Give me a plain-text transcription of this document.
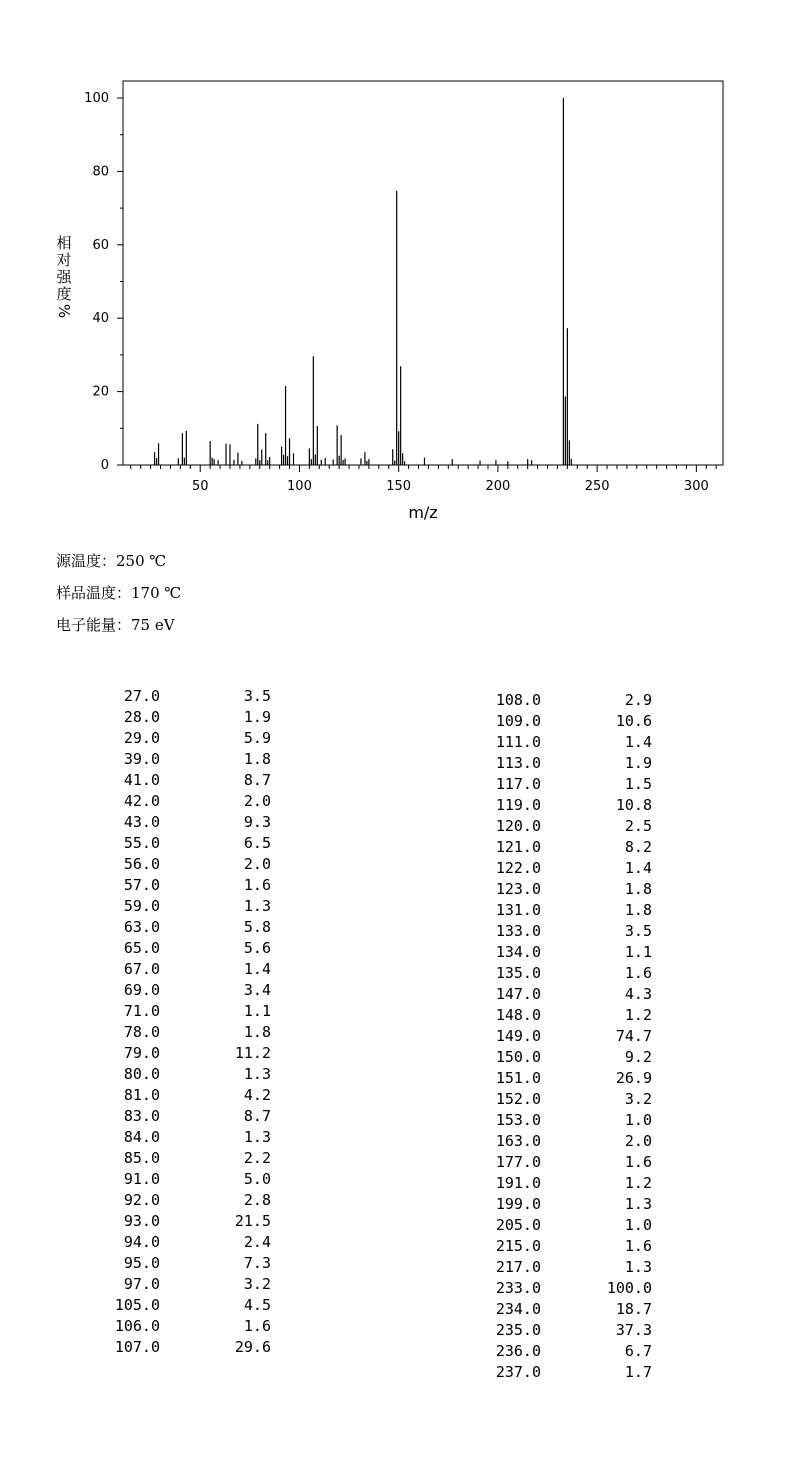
0
20
40
60
80
100
50	100	150	200	250	300
m/z
相
对
强
度
%
源温度：250 ℃
样品温度：170 ℃
电子能量：75 eV
27.0	3.5
28.0	1.9
29.0	5.9
39.0	1.8
41.0	8.7
42.0	2.0
43.0	9.3
55.0	6.5
56.0	2.0
57.0	1.6
59.0	1.3
63.0	5.8
65.0	5.6
67.0	1.4
69.0	3.4
71.0	1.1
78.0	1.8
79.0	11.2
80.0	1.3
81.0	4.2
83.0	8.7
84.0	1.3
85.0	2.2
91.0	5.0
92.0	2.8
93.0	21.5
94.0	2.4
95.0	7.3
97.0	3.2
105.0	4.5
106.0	1.6
107.0	29.6
108.0	2.9
109.0	10.6
111.0	1.4
113.0	1.9
117.0	1.5
119.0	10.8
120.0	2.5
121.0	8.2
122.0	1.4
123.0	1.8
131.0	1.8
133.0	3.5
134.0	1.1
135.0	1.6
147.0	4.3
148.0	1.2
149.0	74.7
150.0	9.2
151.0	26.9
152.0	3.2
153.0	1.0
163.0	2.0
177.0	1.6
191.0	1.2
199.0	1.3
205.0	1.0
215.0	1.6
217.0	1.3
233.0	100.0
234.0	18.7
235.0	37.3
236.0	6.7
237.0	1.7
